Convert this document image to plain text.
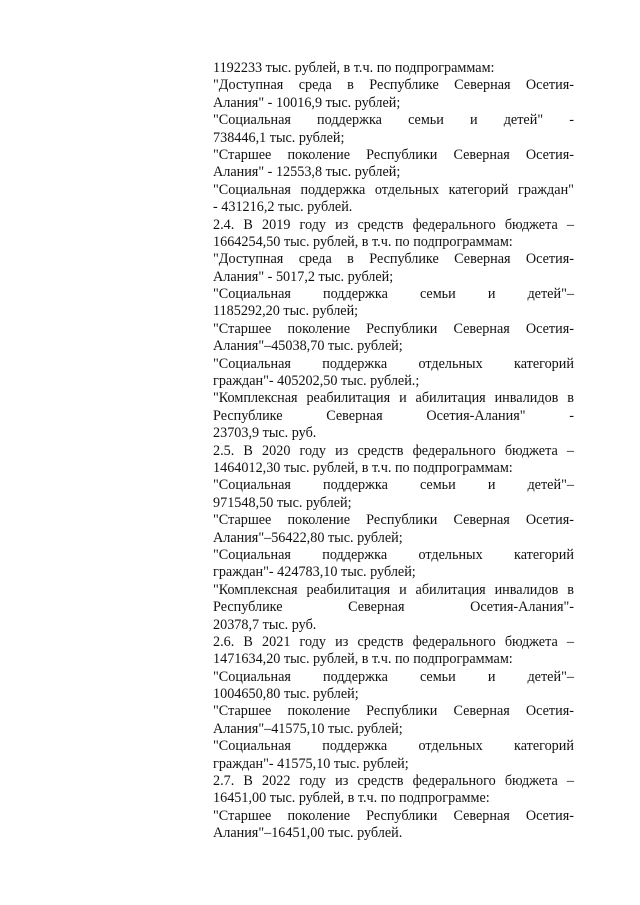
1192233 тыс. рублей, в т.ч. по подпрограммам:
"Доступная среда в Республике Северная Осетия-
Алания" - 10016,9 тыс. рублей;
"Социальная поддержка семьи и детей" -
738446,1 тыс. рублей;
"Старшее поколение Республики Северная Осетия-
Алания" - 12553,8 тыс. рублей;
"Социальная поддержка отдельных категорий граждан"
- 431216,2 тыс. рублей.
2.4. В 2019 году из средств федерального бюджета –
1664254,50 тыс. рублей, в т.ч. по подпрограммам:
"Доступная среда в Республике Северная Осетия-
Алания" - 5017,2 тыс. рублей;
"Социальная поддержка семьи и детей"–
1185292,20 тыс. рублей;
"Старшее поколение Республики Северная Осетия-
Алания"–45038,70 тыс. рублей;
"Социальная поддержка отдельных категорий
граждан"- 405202,50 тыс. рублей.;
"Комплексная реабилитация и абилитация инвалидов в
Республике	Северная	Осетия-Алания"	-
23703,9 тыс. руб.
2.5. В 2020 году из средств федерального бюджета –
1464012,30 тыс. рублей, в т.ч. по подпрограммам:
"Социальная поддержка семьи и детей"–
971548,50 тыс. рублей;
"Старшее поколение Республики Северная Осетия-
Алания"–56422,80 тыс. рублей;
"Социальная поддержка отдельных категорий
граждан"- 424783,10 тыс. рублей;
"Комплексная реабилитация и абилитация инвалидов в
Республике	Северная	Осетия-Алания"-
20378,7 тыс. руб.
2.6. В 2021 году из средств федерального бюджета –
1471634,20 тыс. рублей, в т.ч. по подпрограммам:
"Социальная поддержка семьи и детей"–
1004650,80 тыс. рублей;
"Старшее поколение Республики Северная Осетия-
Алания"–41575,10 тыс. рублей;
"Социальная поддержка отдельных категорий
граждан"- 41575,10 тыс. рублей;
2.7. В 2022 году из средств федерального бюджета –
16451,00 тыс. рублей, в т.ч. по подпрограмме:
"Старшее поколение Республики Северная Осетия-
Алания"–16451,00 тыс. рублей.
